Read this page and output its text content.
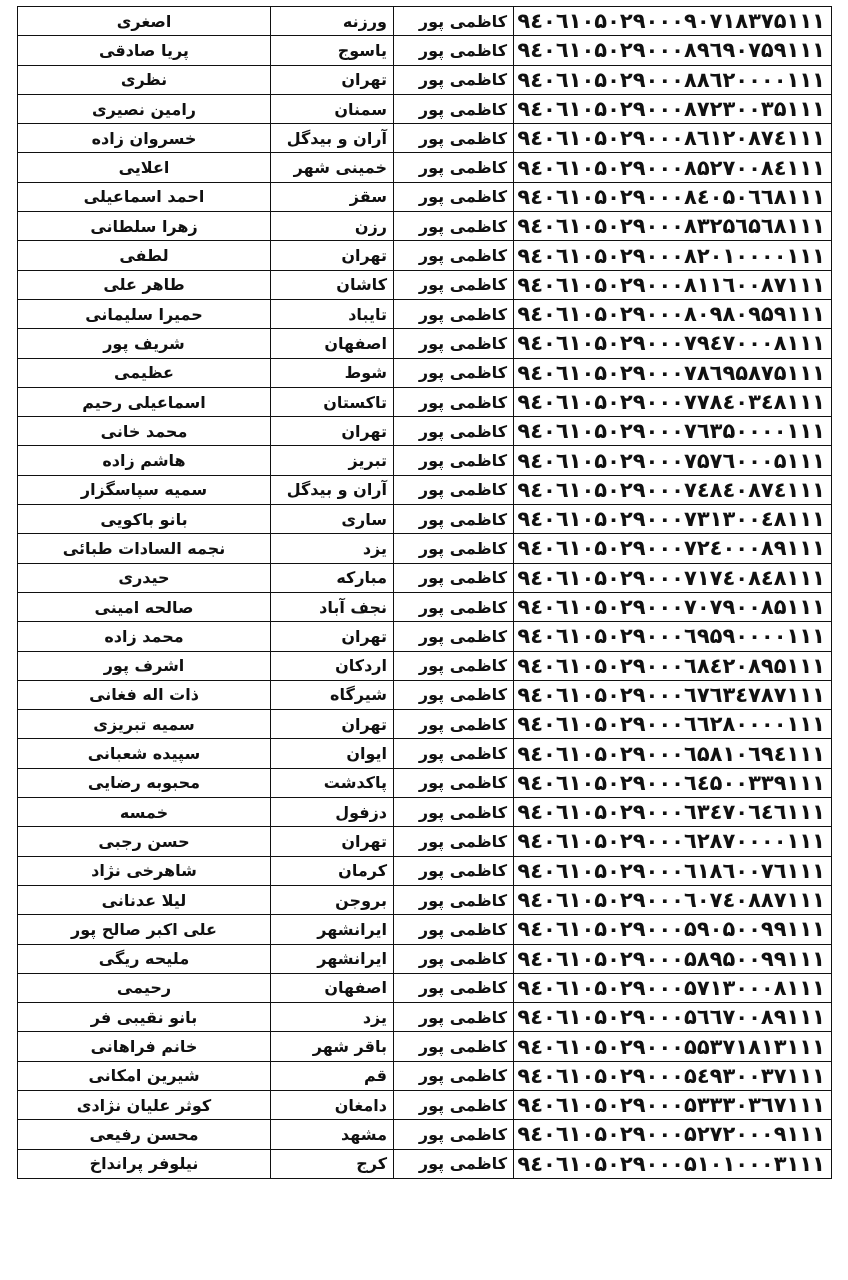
۹٤۰٦۱۰۵۰۲۹۰۰۰۹۰۷۱۸۳۷۵۱۱۱	کاظمی پور	ورزنه	اصغری
۹٤۰٦۱۰۵۰۲۹۰۰۰۸۹٦۹۰۷۵۹۱۱۱	کاظمی پور	یاسوج	پریا صادقی
۹٤۰٦۱۰۵۰۲۹۰۰۰۸۸٦۲۰۰۰۰۱۱۱	کاظمی پور	تهران	نظری
۹٤۰٦۱۰۵۰۲۹۰۰۰۸۷۲۳۰۰۳۵۱۱۱	کاظمی پور	سمنان	رامین نصیری
۹٤۰٦۱۰۵۰۲۹۰۰۰۸٦۱۲۰۸۷٤۱۱۱	کاظمی پور	آران و بیدگل	خسروان زاده
۹٤۰٦۱۰۵۰۲۹۰۰۰۸۵۲۷۰۰۸٤۱۱۱	کاظمی پور	خمینی شهر	اعلایی
۹٤۰٦۱۰۵۰۲۹۰۰۰۸٤۰۵۰٦٦۸۱۱۱	کاظمی پور	سقز	احمد اسماعیلی
۹٤۰٦۱۰۵۰۲۹۰۰۰۸۳۲۵٦۵٦۸۱۱۱	کاظمی پور	رزن	زهرا سلطانی
۹٤۰٦۱۰۵۰۲۹۰۰۰۸۲۰۱۰۰۰۰۱۱۱	کاظمی پور	تهران	لطفی
۹٤۰٦۱۰۵۰۲۹۰۰۰۸۱۱٦۰۰۸۷۱۱۱	کاظمی پور	کاشان	طاهر علی
۹٤۰٦۱۰۵۰۲۹۰۰۰۸۰۹۸۰۹۵۹۱۱۱	کاظمی پور	تایباد	حمیرا سلیمانی
۹٤۰٦۱۰۵۰۲۹۰۰۰۷۹٤۷۰۰۰۸۱۱۱	کاظمی پور	اصفهان	شریف پور
۹٤۰٦۱۰۵۰۲۹۰۰۰۷۸٦۹۵۸۷۵۱۱۱	کاظمی پور	شوط	عظیمی
۹٤۰٦۱۰۵۰۲۹۰۰۰۷۷۸٤۰۳٤۸۱۱۱	کاظمی پور	تاکستان	اسماعیلی رحیم
۹٤۰٦۱۰۵۰۲۹۰۰۰۷٦۳۵۰۰۰۰۱۱۱	کاظمی پور	تهران	محمد خانی
۹٤۰٦۱۰۵۰۲۹۰۰۰۷۵۷٦۰۰۰۵۱۱۱	کاظمی پور	تبریز	هاشم زاده
۹٤۰٦۱۰۵۰۲۹۰۰۰۷٤۸٤۰۸۷٤۱۱۱	کاظمی پور	آران و بیدگل	سمیه سپاسگزار
۹٤۰٦۱۰۵۰۲۹۰۰۰۷۳۱۳۰۰٤۸۱۱۱	کاظمی پور	ساری	بانو باکویی
۹٤۰٦۱۰۵۰۲۹۰۰۰۷۲٤۰۰۰۸۹۱۱۱	کاظمی پور	یزد	نجمه السادات طبائی
۹٤۰٦۱۰۵۰۲۹۰۰۰۷۱۷٤۰۸٤۸۱۱۱	کاظمی پور	مبارکه	حیدری
۹٤۰٦۱۰۵۰۲۹۰۰۰۷۰۷۹۰۰۸۵۱۱۱	کاظمی پور	نجف آباد	صالحه امینی
۹٤۰٦۱۰۵۰۲۹۰۰۰٦۹۵۹۰۰۰۰۱۱۱	کاظمی پور	تهران	محمد زاده
۹٤۰٦۱۰۵۰۲۹۰۰۰٦۸٤۲۰۸۹۵۱۱۱	کاظمی پور	اردکان	اشرف پور
۹٤۰٦۱۰۵۰۲۹۰۰۰٦۷٦۳٤۷۸۷۱۱۱	کاظمی پور	شیرگاه	ذات اله فغانی
۹٤۰٦۱۰۵۰۲۹۰۰۰٦٦۲۸۰۰۰۰۱۱۱	کاظمی پور	تهران	سمیه تبریزی
۹٤۰٦۱۰۵۰۲۹۰۰۰٦۵۸۱۰٦۹٤۱۱۱	کاظمی پور	ایوان	سپیده شعبانی
۹٤۰٦۱۰۵۰۲۹۰۰۰٦٤۵۰۰۳۳۹۱۱۱	کاظمی پور	پاکدشت	محبوبه رضایی
۹٤۰٦۱۰۵۰۲۹۰۰۰٦۳٤۷۰٦٤٦۱۱۱	کاظمی پور	دزفول	خمسه
۹٤۰٦۱۰۵۰۲۹۰۰۰٦۲۸۷۰۰۰۰۱۱۱	کاظمی پور	تهران	حسن رجبی
۹٤۰٦۱۰۵۰۲۹۰۰۰٦۱۸٦۰۰۷٦۱۱۱	کاظمی پور	کرمان	شاهرخی نژاد
۹٤۰٦۱۰۵۰۲۹۰۰۰٦۰۷٤۰۸۸۷۱۱۱	کاظمی پور	بروجن	لیلا عدنانی
۹٤۰٦۱۰۵۰۲۹۰۰۰۵۹۰۵۰۰۹۹۱۱۱	کاظمی پور	ایرانشهر	علی اکبر صالح پور
۹٤۰٦۱۰۵۰۲۹۰۰۰۵۸۹۵۰۰۹۹۱۱۱	کاظمی پور	ایرانشهر	ملیحه ریگی
۹٤۰٦۱۰۵۰۲۹۰۰۰۵۷۱۳۰۰۰۸۱۱۱	کاظمی پور	اصفهان	رحیمی
۹٤۰٦۱۰۵۰۲۹۰۰۰۵٦٦۷۰۰۸۹۱۱۱	کاظمی پور	یزد	بانو نقیبی فر
۹٤۰٦۱۰۵۰۲۹۰۰۰۵۵۳۷۱۸۱۳۱۱۱	کاظمی پور	باقر شهر	خانم فراهانی
۹٤۰٦۱۰۵۰۲۹۰۰۰۵٤۹۳۰۰۳۷۱۱۱	کاظمی پور	قم	شیرین امکانی
۹٤۰٦۱۰۵۰۲۹۰۰۰۵۳۳۳۰۳٦۷۱۱۱	کاظمی پور	دامغان	کوثر علیان نژادی
۹٤۰٦۱۰۵۰۲۹۰۰۰۵۲۷۲۰۰۰۹۱۱۱	کاظمی پور	مشهد	محسن رفیعی
۹٤۰٦۱۰۵۰۲۹۰۰۰۵۱۰۱۰۰۰۳۱۱۱	کاظمی پور	کرج	نیلوفر پرانداخ
